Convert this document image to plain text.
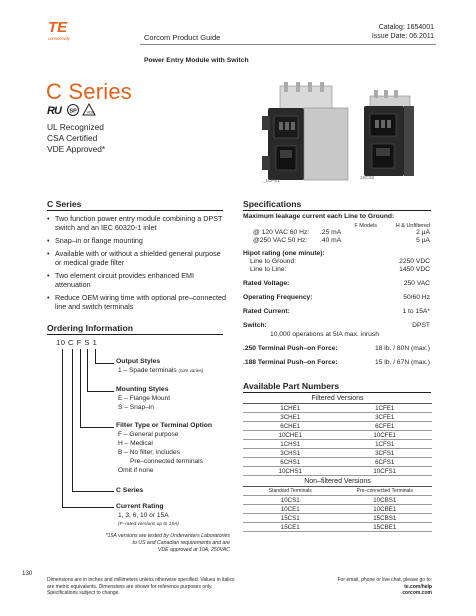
TE
connectivity	Corcom Product Guide
Catalog: 1654001
Issue Date: 06.2011
Power Entry Module with Switch
C Series
R U SP VDE
UL Recognized
CSA Certified
VDE Approved*
_1CFS1
1SCS2
C Series
• Two function power entry module combining a DPST switch and an IEC 60320-1 inlet
• Snap–in or flange mounting
• Available with or without a shielded general purpose or medical grade filter
• Two element circuit provides enhanced EMI attenuation
• Reduce OEM wiring time with optional pre–connected line and switch terminals
Ordering Information
10 C F S 1
Output Styles
1 – Spade terminals (size varies)
Mounting Styles
E – Flange Mount
S – Snap–in
Filter Type or Terminal Option
F – General purpose
H – Medical
B – No filter, includes
Pre–connected terminals
Omit if none
C Series
Current Rating
1, 3, 6, 10 or 15A
(F–rated versions up to 15A)
*15A versions are tested by Underwriters Laboratories
to US and Canadian requirements and are
VDE approved at 10A, 250VAC
Specifications
Maximum leakage current each Line to Ground:
F Models	H & Unfiltered
@ 120 VAC 60 Hz: .25 mA	2 µA
@250 VAC 50 Hz: .40 mA	5 µA
Hipot rating (one minute):
Line to Ground:	2250 VDC
Line to Line:	1450 VDC
Rated Voltage:	250 VAC
Operating Frequency:	50/60 Hz
Rated Current:	1 to 15A*
Switch:	DPST
10,000 operations at 5IA max. inrush
.250 Terminal Push–on Force:	18 lb. / 80N (max.)
.188 Terminal Push–on Force:	15 lb. / 67N (max.)
Available Part Numbers
Filtered Versions	
1CHE1	1CFE1
3CHE1	3CFE1
6CHE1	6CFE1
10CHE1	10CFE1
1CHS1	1CFS1
3CHS1	3CFS1
6CHS1	6CFS1
10CHS1	10CFS1
Non–filtered Versions	
Standard Terminals	Pre–connected Terminals
10CS1	10CBS1
10CE1	10CBE1
15CS1	15CBS1
15CE1	15CBE1
130
Dimensions are in inches and millimeters unless otherwise specified. Values in italics
are metric equivalents. Dimensions are shown for reference purposes only.
Specifications subject to change.
For email, phone or live chat, please go to:
te.com/help
corcom.com
